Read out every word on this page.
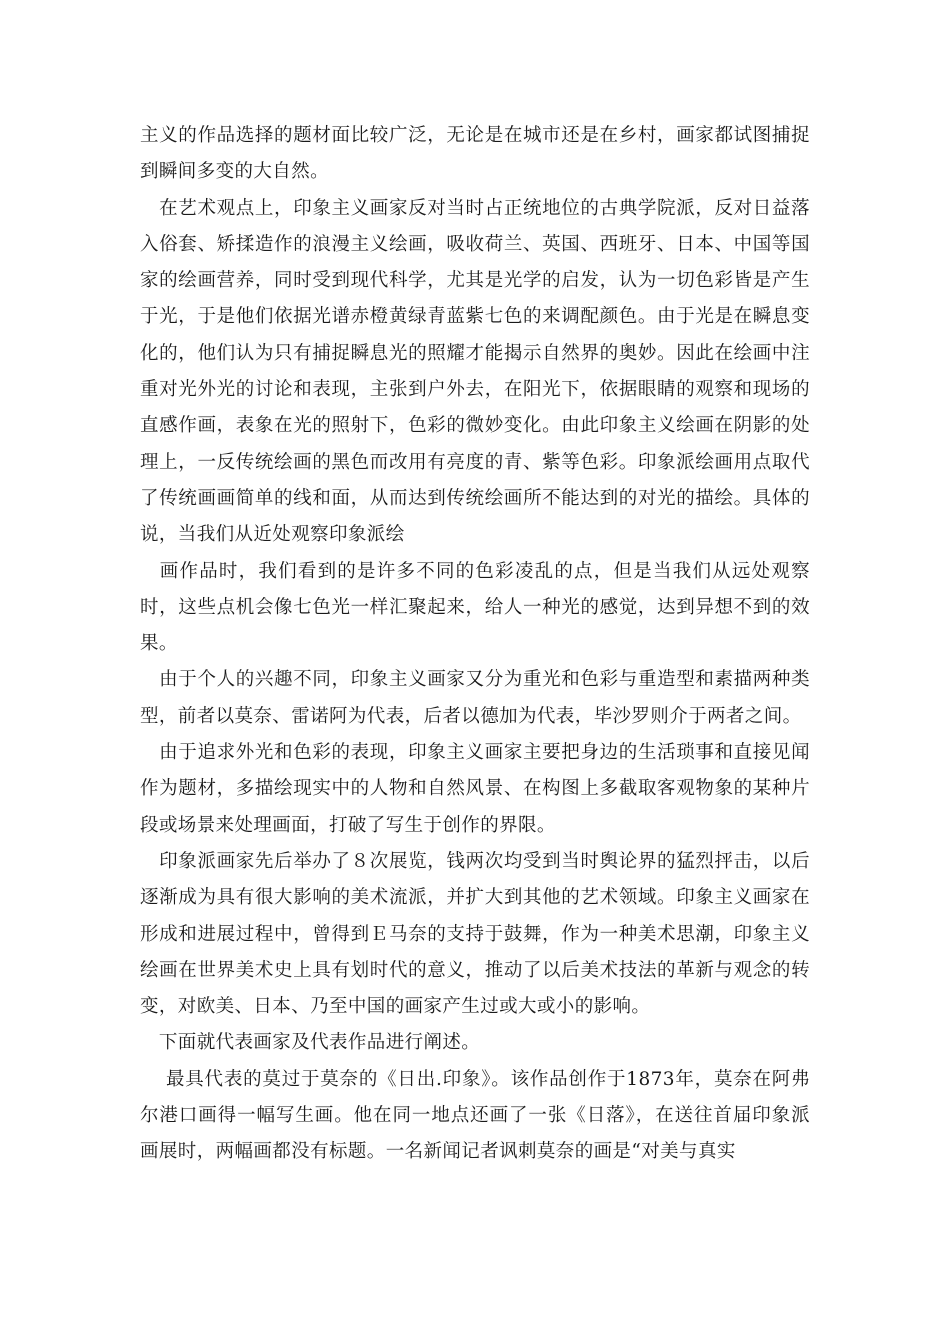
主义的作品选择的题材面比较广泛，无论是在城市还是在乡村，画家都试图捕捉到瞬间多变的大自然。

　在艺术观点上，印象主义画家反对当时占正统地位的古典学院派，反对日益落入俗套、矫揉造作的浪漫主义绘画，吸收荷兰、英国、西班牙、日本、中国等国家的绘画营养，同时受到现代科学，尤其是光学的启发，认为一切色彩皆是产生于光，于是他们依据光谱赤橙黄绿青蓝紫七色的来调配颜色。由于光是在瞬息变化的，他们认为只有捕捉瞬息光的照耀才能揭示自然界的奥妙。因此在绘画中注重对光外光的讨论和表现，主张到户外去，在阳光下，依据眼睛的观察和现场的直感作画，表象在光的照射下，色彩的微妙变化。由此印象主义绘画在阴影的处理上，一反传统绘画的黑色而改用有亮度的青、紫等色彩。印象派绘画用点取代了传统画画简单的线和面，从而达到传统绘画所不能达到的对光的描绘。具体的说，当我们从近处观察印象派绘

　画作品时，我们看到的是许多不同的色彩凌乱的点，但是当我们从远处观察时，这些点机会像七色光一样汇聚起来，给人一种光的感觉，达到异想不到的效果。

　由于个人的兴趣不同，印象主义画家又分为重光和色彩与重造型和素描两种类型，前者以莫奈、雷诺阿为代表，后者以德加为代表，毕沙罗则介于两者之间。

　由于追求外光和色彩的表现，印象主义画家主要把身边的生活琐事和直接见闻作为题材，多描绘现实中的人物和自然风景、在构图上多截取客观物象的某种片段或场景来处理画面，打破了写生于创作的界限。

　印象派画家先后举办了８次展览，钱两次均受到当时舆论界的猛烈抨击，以后逐渐成为具有很大影响的美术流派，并扩大到其他的艺术领域。印象主义画家在形成和进展过程中，曾得到Ｅ马奈的支持于鼓舞，作为一种美术思潮，印象主义绘画在世界美术史上具有划时代的意义，推动了以后美术技法的革新与观念的转变，对欧美、日本、乃至中国的画家产生过或大或小的影响。

　下面就代表画家及代表作品进行阐述。

　 最具代表的莫过于莫奈的《日出.印象》。该作品创作于1873年，莫奈在阿弗尔港口画得一幅写生画。他在同一地点还画了一张《日落》，在送往首届印象派画展时，两幅画都没有标题。一名新闻记者讽刺莫奈的画是“对美与真实
